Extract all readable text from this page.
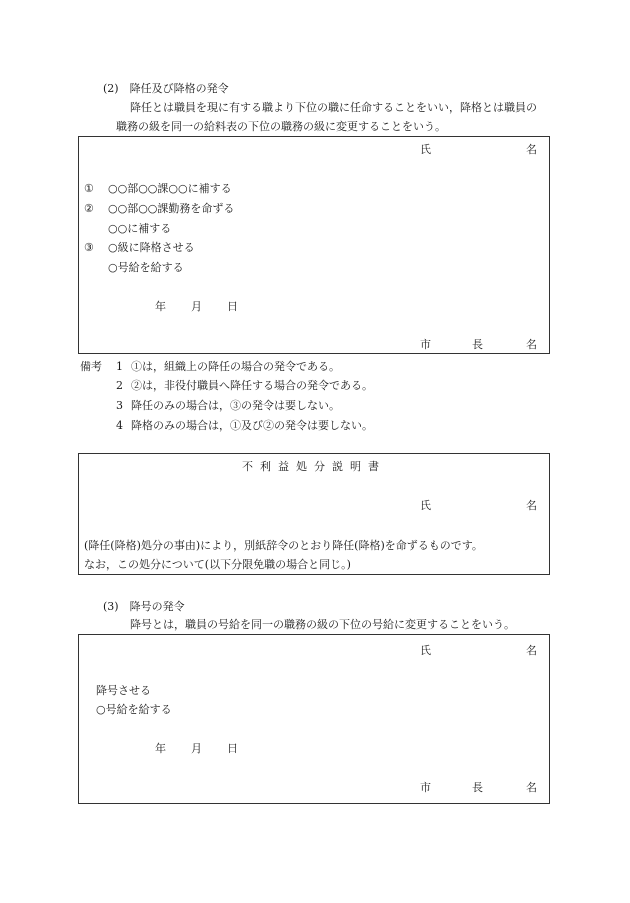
(2)　降任及び降格の発令
降任とは職員を現に有する職より下位の職に任命することをいい，降格とは職員の
職務の級を同一の給料表の下位の職務の級に変更することをいう。
氏	名
① ○○部○○課○○に補する
② ○○部○○課勤務を命ずる
○○に補する
③ ○級に降格させる
○号給を給する
年 月 日
市	長	名
備考 1 ①は，組織上の降任の場合の発令である。
2 ②は，非役付職員へ降任する場合の発令である。
3 降任のみの場合は，③の発令は要しない。
4 降格のみの場合は，①及び②の発令は要しない。
不利益処分説明書
氏	名
(降任(降格)処分の事由)により，別紙辞令のとおり降任(降格)を命ずるものです。
なお，この処分について(以下分限免職の場合と同じ。)
(3)　降号の発令
降号とは，職員の号給を同一の職務の級の下位の号給に変更することをいう。
氏	名
降号させる
○号給を給する
年 月 日
市	長	名
